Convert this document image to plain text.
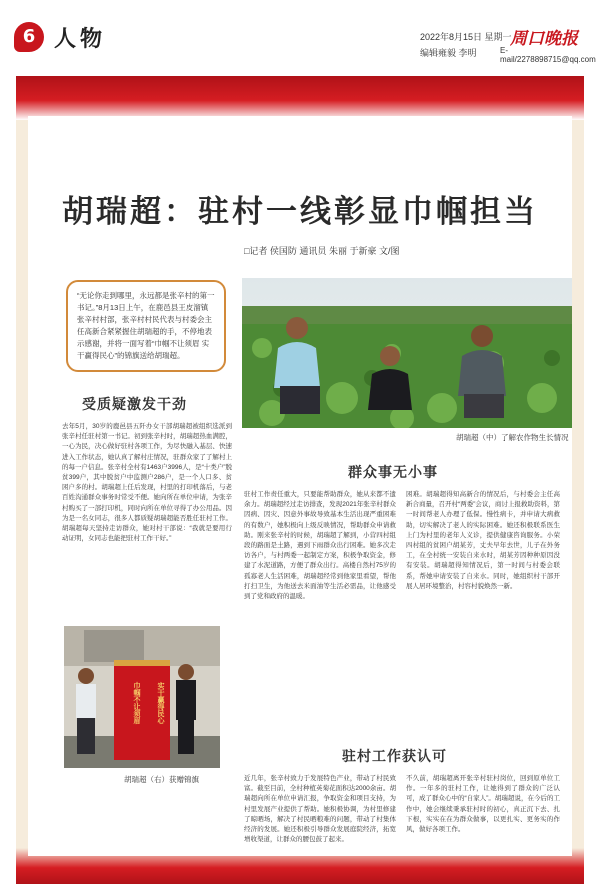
6 人物	2022年8月15日 星期一
编辑雍毅 李明
周口晚报
E-mail/2278898715@qq.com
胡瑞超：驻村一线彰显巾帼担当
□记者 侯国防 通讯员 朱丽 于新豪 文/图
“无论你走到哪里，永远都是张辛村的第一书记。”8月13日上午，在鹿邑县王皮溜镇张辛村村部，张辛村村民代表与村委会主任高新合紧紧握住胡瑞超的手，不停地表示感谢，并将一面写着“巾帼不让须眉 实干赢得民心”的锦旗送给胡瑞超。
胡瑞超（中）了解农作物生长情况
受质疑激发干劲
去年5月，30岁的鹿邑县五阡办女干部胡瑞超被组织选派到张辛村任驻村第一书记。初到张辛村时，胡瑞超热血满腔，一心为民，决心做好驻村各项工作，为尽快融入基层、快速进入工作状态，她认真了解村庄情况，驻群众家了了解村上的每一户信息。张辛村全村有1463户3996人，是“十类户”脱贫399户，其中脱贫户中监测户286户，是一个人口多、贫困户多的村。胡瑞超上任后发现，村里的打印机落后，与老百姓沟通群众事务时常受不便。她向所在单位申请，为张辛村购买了一部打印机，同时向所在单位寻得了办公用品。因为是一名女同志，很多人都质疑胡瑞超能否胜任驻村工作。胡瑞超每天坚持走访群众，她对村干部说：“我就是要用行动证明，女同志也能把驻村工作干好。”
巾帼不让须眉	实干赢得民心
胡瑞超（右）获赠锦旗
群众事无小事
驻村工作责任重大，只要能帮助群众，她从来都不遗余力。胡瑞超经过走访排查，发现2021年张辛村群众因病、因灾、因意外事故导致基本生活出现严重困难的有数户，她积极向上级反映情况，帮助群众申请救助。刚来张辛村的时候，胡瑞超了解到，小营四村组段的路面是土路，遇到下雨群众出行困难。她多次走访各户，与村两委一起制定方案，积极争取资金，修建了水泥道路，方便了群众出行。高楼自然村75岁的孤寡老人生活困难，胡瑞超经常到他家里看望，帮他打扫卫生，为他送去米面油等生活必需品，让他感受到了党和政府的温暖。
困难。胡瑞超得知高新合的情况后，与村委会主任高新合商量，召开村“两委”会议，商讨上报救助资料，第一时间帮老人办理了低保。慢性病卡，并申请大病救助，切实解决了老人的实际困难。她还积极联系医生上门为村里的老年人义诊，提供健康咨询服务。小荣四村组的贫困户胡某芳，丈夫早年去世，儿子在外务工，在全村统一安装自来水时，胡某芳因种种原因没有安装。胡瑞超得知情况后，第一时间与村委会联系，帮她申请安装了自来水。同时，她组织村干部开展人居环境整治，村容村貌焕然一新。
驻村工作获认可
近几年，张辛村致力于发展特色产业，带动了村民致富。截至目前，全村种植英菊花面积达2000余亩。胡瑞超向所在单位申请汇报，争取资金和项目支持，为村里发展产业提供了帮助。她积极协调，为村里修建了晾晒场，解决了村民晒粮难的问题，带动了村集体经济的发展。她还积极引导群众发展庭院经济，拓宽增收渠道，让群众的腰包鼓了起来。
不久前，胡瑞超离开张辛村驻村岗位，回到原单位工作。一年多的驻村工作，让她得到了群众的广泛认可，成了群众心中的“自家人”。胡瑞超说，在今后的工作中，她会继续秉承驻村时的初心，真正沉下去、扎下根，实实在在为群众做事，以更扎实、更务实的作风，做好各项工作。
